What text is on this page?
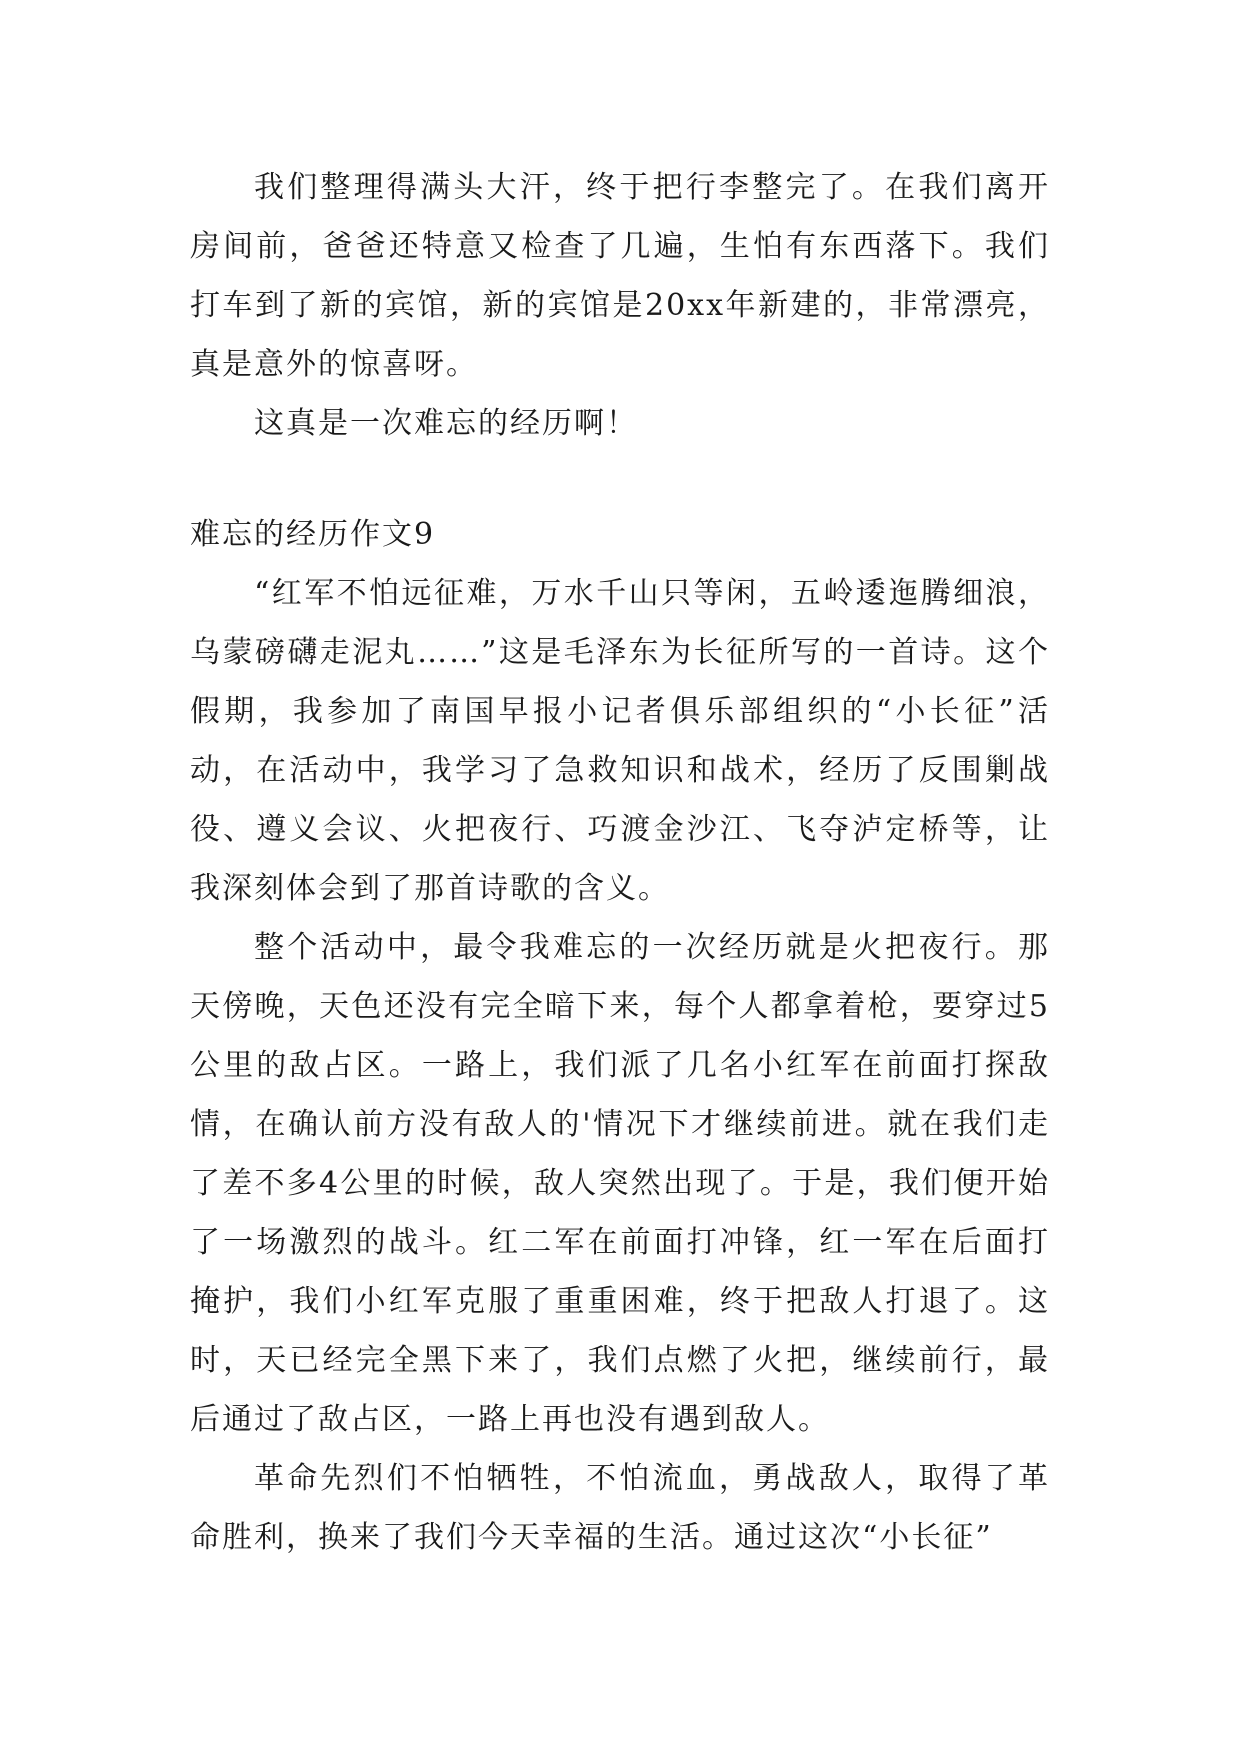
我们整理得满头大汗，终于把行李整完了。在我们离开房间前，爸爸还特意又检查了几遍，生怕有东西落下。我们打车到了新的宾馆，新的宾馆是20xx年新建的，非常漂亮，真是意外的惊喜呀。

这真是一次难忘的经历啊！

难忘的经历作文9

“红军不怕远征难，万水千山只等闲，五岭逶迤腾细浪，乌蒙磅礴走泥丸……”这是毛泽东为长征所写的一首诗。这个假期，我参加了南国早报小记者俱乐部组织的“小长征”活动，在活动中，我学习了急救知识和战术，经历了反围剿战役、遵义会议、火把夜行、巧渡金沙江、飞夺泸定桥等，让我深刻体会到了那首诗歌的含义。

整个活动中，最令我难忘的一次经历就是火把夜行。那天傍晚，天色还没有完全暗下来，每个人都拿着枪，要穿过5公里的敌占区。一路上，我们派了几名小红军在前面打探敌情，在确认前方没有敌人的'情况下才继续前进。就在我们走了差不多4公里的时候，敌人突然出现了。于是，我们便开始了一场激烈的战斗。红二军在前面打冲锋，红一军在后面打掩护，我们小红军克服了重重困难，终于把敌人打退了。这时，天已经完全黑下来了，我们点燃了火把，继续前行，最后通过了敌占区，一路上再也没有遇到敌人。

革命先烈们不怕牺牲，不怕流血，勇战敌人，取得了革命胜利，换来了我们今天幸福的生活。通过这次“小长征”
